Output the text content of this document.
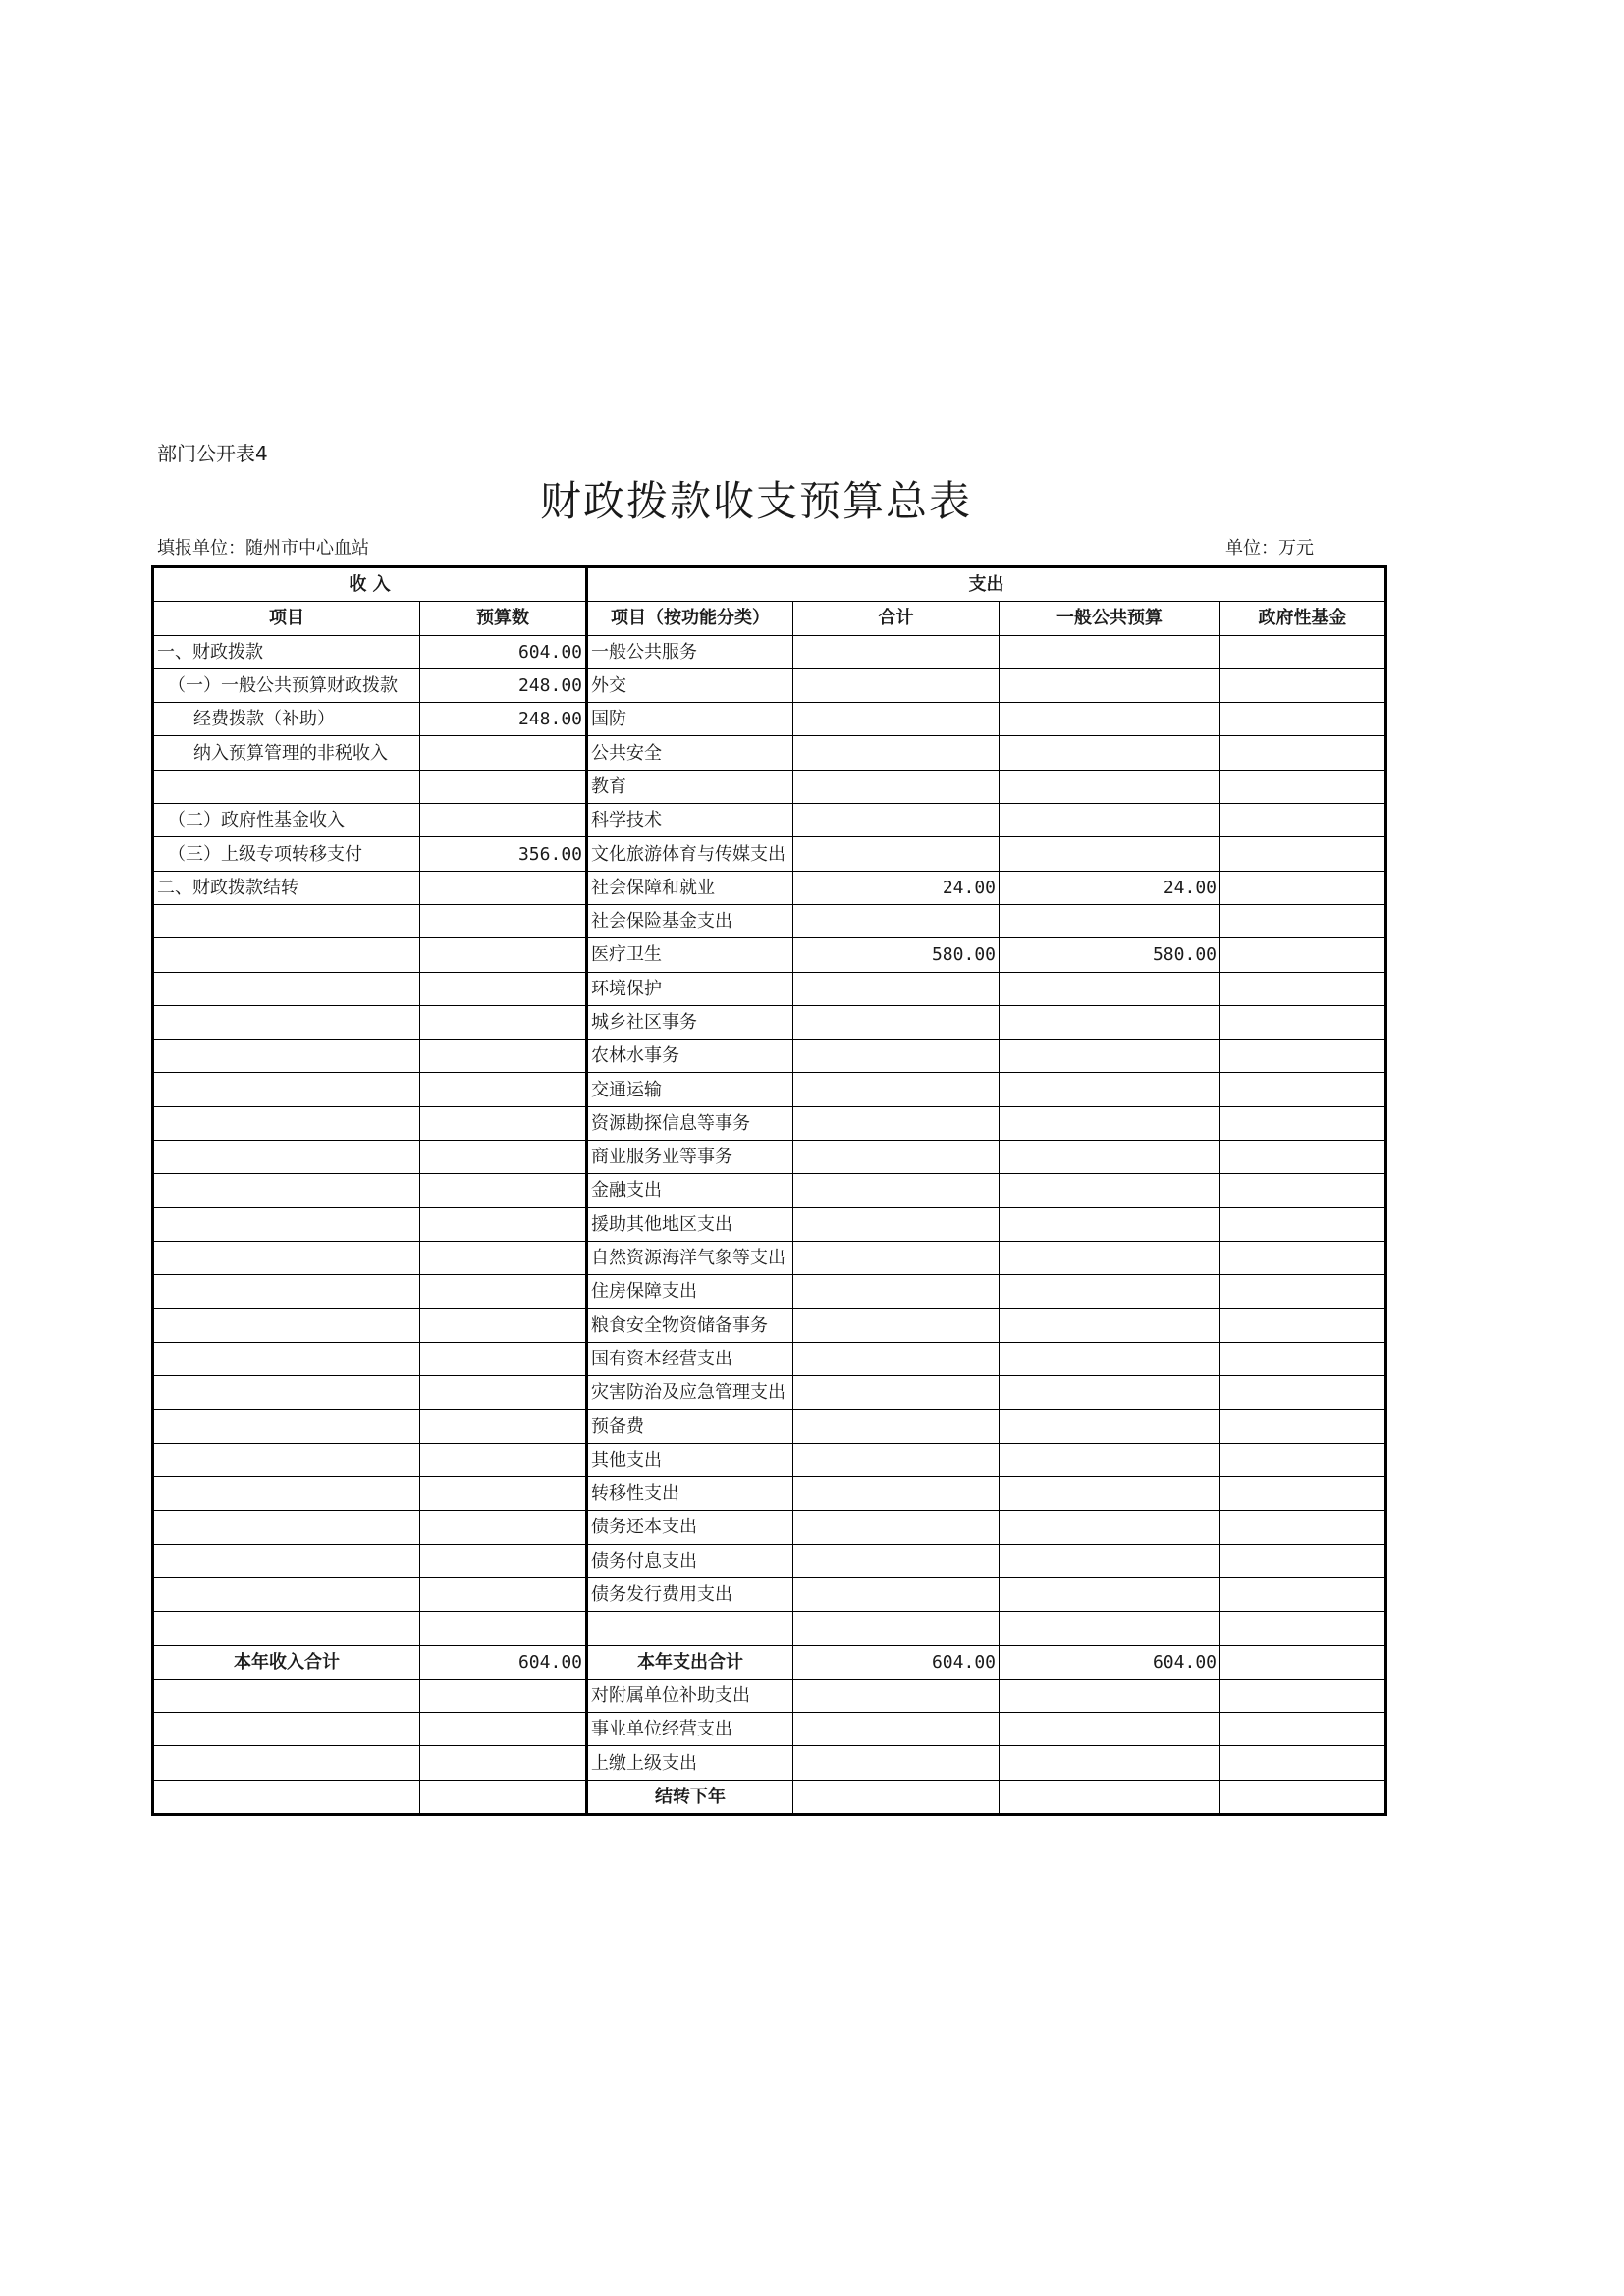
部门公开表4
财政拨款收支预算总表
填报单位：随州市中心血站	单位：万元
收 入		支出			
项目	预算数	项目（按功能分类）	合计	一般公共预算	政府性基金
一、财政拨款	604.00	一般公共服务			
（一）一般公共预算财政拨款	248.00	外交			
经费拨款（补助）	248.00	国防			
纳入预算管理的非税收入		公共安全			
		教育			
（二）政府性基金收入		科学技术			
（三）上级专项转移支付	356.00	文化旅游体育与传媒支出			
二、财政拨款结转		社会保障和就业	24.00	24.00	
		社会保险基金支出			
		医疗卫生	580.00	580.00	
		环境保护			
		城乡社区事务			
		农林水事务			
		交通运输			
		资源勘探信息等事务			
		商业服务业等事务			
		金融支出			
		援助其他地区支出			
		自然资源海洋气象等支出			
		住房保障支出			
		粮食安全物资储备事务			
		国有资本经营支出			
		灾害防治及应急管理支出			
		预备费			
		其他支出			
		转移性支出			
		债务还本支出			
		债务付息支出			
		债务发行费用支出			

本年收入合计	604.00	本年支出合计	604.00	604.00	
		对附属单位补助支出			
		事业单位经营支出			
		上缴上级支出			
		结转下年			
